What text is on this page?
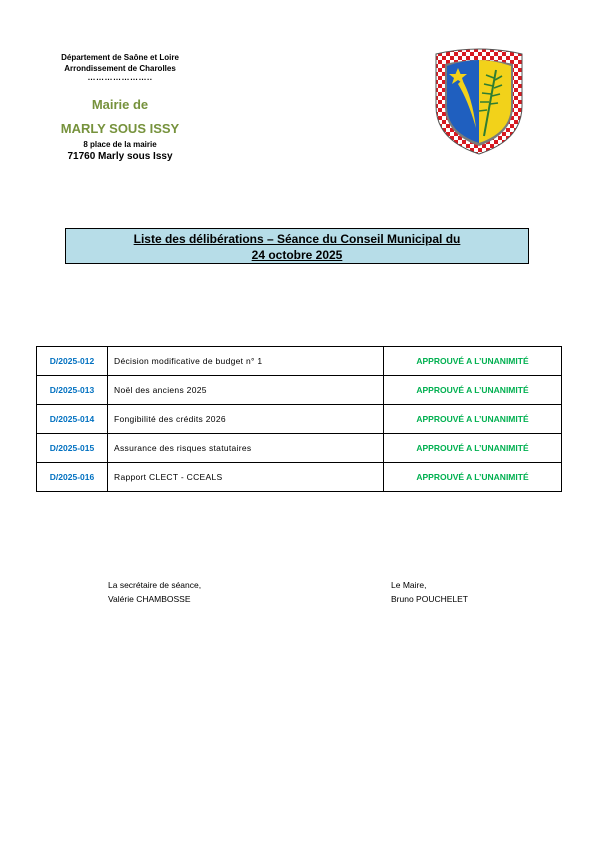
Département de Saône et Loire
Arrondissement de Charolles
…………………..
Mairie de
MARLY SOUS ISSY
8 place de la mairie
71760 Marly sous Issy
Liste des délibérations – Séance du Conseil Municipal du
24 octobre 2025
D/2025-012	Décision modificative de budget n° 1	APPROUVÉ A L’UNANIMITÉ
D/2025-013	Noël des anciens 2025	APPROUVÉ A L’UNANIMITÉ
D/2025-014	Fongibilité des crédits 2026	APPROUVÉ A L’UNANIMITÉ
D/2025-015	Assurance des risques statutaires	APPROUVÉ A L’UNANIMITÉ
D/2025-016	Rapport CLECT - CCEALS	APPROUVÉ A L’UNANIMITÉ
La secrétaire de séance,
Valérie CHAMBOSSE
Le Maire,
Bruno POUCHELET
